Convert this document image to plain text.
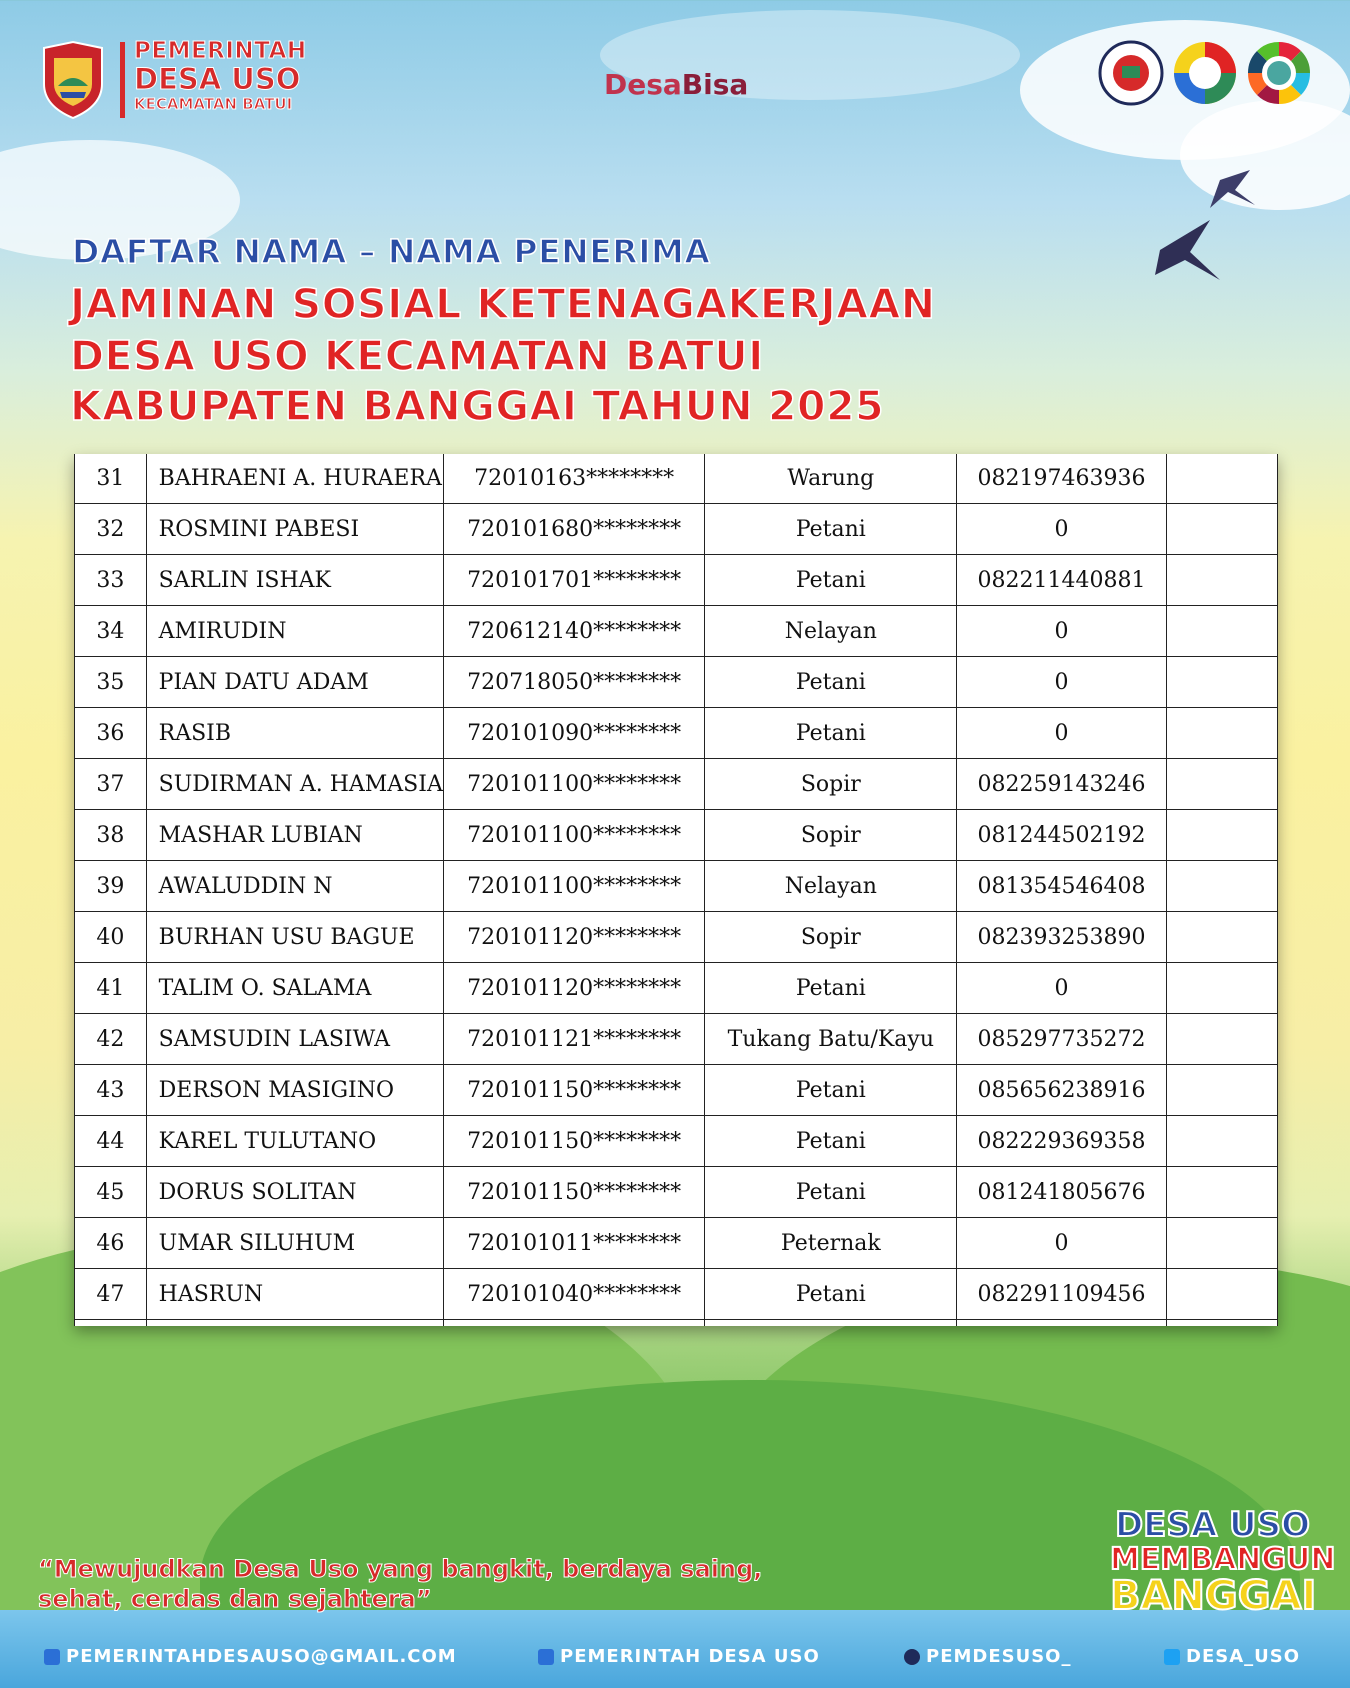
PEMERINTAH
DESA USO
KECAMATAN BATUI
DesaBisa
DAFTAR NAMA – NAMA PENERIMA
JAMINAN SOSIAL KETENAGAKERJAAN
DESA USO KECAMATAN BATUI
KABUPATEN BANGGAI TAHUN 2025
31	BAHRAENI A. HURAERA	72010163********	Warung	082197463936	
32	ROSMINI PABESI	720101680********	Petani	0	
33	SARLIN ISHAK	720101701********	Petani	082211440881	
34	AMIRUDIN	720612140********	Nelayan	0	
35	PIAN DATU ADAM	720718050********	Petani	0	
36	RASIB	720101090********	Petani	0	
37	SUDIRMAN A. HAMASIA	720101100********	Sopir	082259143246	
38	MASHAR LUBIAN	720101100********	Sopir	081244502192	
39	AWALUDDIN N	720101100********	Nelayan	081354546408	
40	BURHAN USU BAGUE	720101120********	Sopir	082393253890	
41	TALIM O. SALAMA	720101120********	Petani	0	
42	SAMSUDIN LASIWA	720101121********	Tukang Batu/Kayu	085297735272	
43	DERSON MASIGINO	720101150********	Petani	085656238916	
44	KAREL TULUTANO	720101150********	Petani	082229369358	
45	DORUS SOLITAN	720101150********	Petani	081241805676	
46	UMAR SILUHUM	720101011********	Peternak	0	
47	HASRUN	720101040********	Petani	082291109456	

“Mewujudkan Desa Uso yang bangkit, berdaya saing,
sehat, cerdas dan sejahtera”
DESA USO
MEMBANGUN
BANGGAI
PEMERINTAHDESAUSO@GMAIL.COM	PEMERINTAH DESA USO	PEMDESUSO_	DESA_USO
